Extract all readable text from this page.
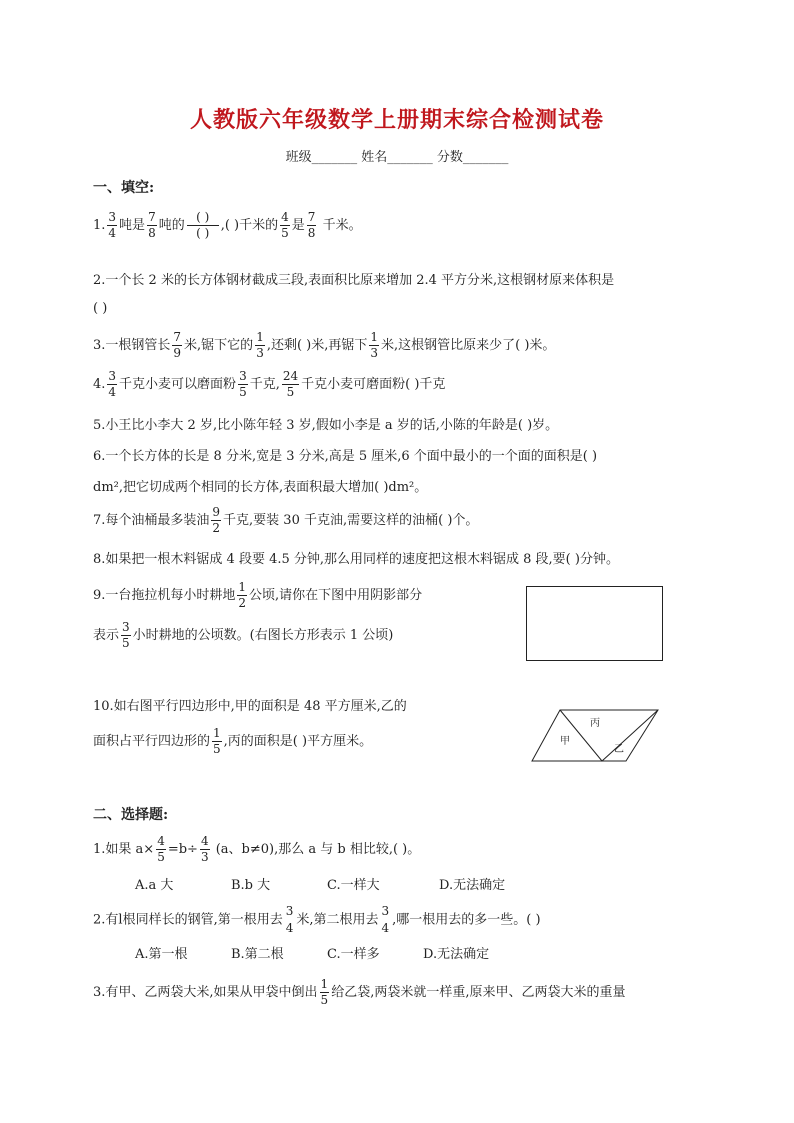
人教版六年级数学上册期末综合检测试卷
班级_______ 姓名_______ 分数_______
一、填空:
1. $\frac{3}{4}$ 吨是 $\frac{7}{8}$ 吨的 $\frac{( )}{( )}$ ,( )千米的 $\frac{4}{5}$ 是 $\frac{7}{8}$ 千米。
2.一个长 2 米的长方体钢材截成三段,表面积比原来增加 2.4 平方分米,这根钢材原来体积是
( )
3.一根钢管长 $\frac{7}{9}$ 米,锯下它的 $\frac{1}{3}$ ,还剩( )米,再锯下 $\frac{1}{3}$ 米,这根钢管比原来少了( )米。
4. $\frac{3}{4}$ 千克小麦可以磨面粉 $\frac{3}{5}$ 千克, $\frac{24}{5}$ 千克小麦可磨面粉( )千克
5.小王比小李大 2 岁,比小陈年轻 3 岁,假如小李是 a 岁的话,小陈的年龄是( )岁。
6.一个长方体的长是 8 分米,宽是 3 分米,高是 5 厘米,6 个面中最小的一个面的面积是( )
dm²,把它切成两个相同的长方体,表面积最大增加( )dm²。
7.每个油桶最多装油 $\frac{9}{2}$ 千克,要装 30 千克油,需要这样的油桶( )个。
8.如果把一根木料锯成 4 段要 4.5 分钟,那么用同样的速度把这根木料锯成 8 段,要( )分钟。
9.一台拖拉机每小时耕地 $\frac{1}{2}$ 公顷,请你在下图中用阴影部分
表示 $\frac{3}{5}$ 小时耕地的公顷数。(右图长方形表示 1 公顷)
10.如右图平行四边形中,甲的面积是 48 平方厘米,乙的
面积占平行四边形的 $\frac{1}{5}$ ,丙的面积是( )平方厘米。	甲
丙
乙
二、选择题:
1.如果 $a\times \frac{4}{5} =b\div \frac{4}{3} (a$、b≠0),那么 a 与 b 相比较,( )。
A.a 大	B.b 大	C.一样大	D.无法确定
2.有l根同样长的钢管,第一根用去
3
4
米,第二根用去
3
4
,哪一根用去的多一些。( )
A.第一根	B.第二根	C.一样多	D.无法确定
3.有甲、乙两袋大米,如果从甲袋中倒出 $\frac{1}{5}$ 给乙袋,两袋米就一样重,原来甲、乙两袋大米的重量
